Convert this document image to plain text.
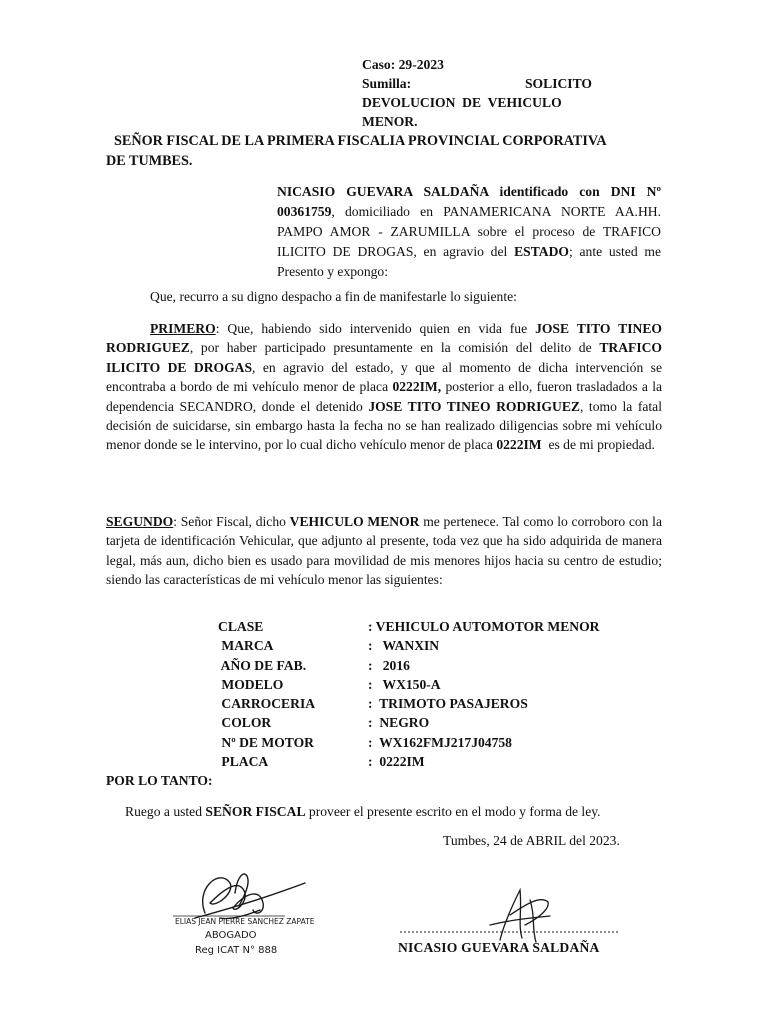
Caso: 29-2023
Sumilla:	SOLICITO
DEVOLUCION  DE  VEHICULO
MENOR.
SEÑOR FISCAL DE LA PRIMERA FISCALIA PROVINCIAL CORPORATIVA
DE TUMBES.
NICASIO GUEVARA SALDAÑA identificado con DNI Nº 00361759, domiciliado en PANAMERICANA NORTE AA.HH. PAMPO AMOR - ZARUMILLA sobre el proceso de TRAFICO ILICITO DE DROGAS, en agravio del ESTADO; ante usted me Presento y expongo:
Que, recurro a su digno despacho a fin de manifestarle lo siguiente:
PRIMERO: Que, habiendo sido intervenido quien en vida fue JOSE TITO TINEO RODRIGUEZ, por haber participado presuntamente en la comisión del delito de TRAFICO ILICITO DE DROGAS, en agravio del estado, y que al momento de dicha intervención se encontraba a bordo de mi vehículo menor de placa 0222IM, posterior a ello, fueron trasladados a la dependencia SECANDRO, donde el detenido JOSE TITO TINEO RODRIGUEZ, tomo la fatal decisión de suicidarse, sin embargo hasta la fecha no se han realizado diligencias sobre mi vehículo menor donde se le intervino, por lo cual dicho vehículo menor de placa 0222IM  es de mi propiedad.
SEGUNDO: Señor Fiscal, dicho VEHICULO MENOR me pertenece. Tal como lo corroboro con la tarjeta de identificación Vehicular, que adjunto al presente, toda vez que ha sido adquirida de manera legal, más aun, dicho bien es usado para movilidad de mis menores hijos hacia su centro de estudio; siendo las características de mi vehículo menor las siguientes:
CLASE	: VEHICULO AUTOMOTOR MENOR
MARCA	:   WANXIN
AÑO DE FAB.	:   2016
MODELO	:   WX150-A
CARROCERIA	:  TRIMOTO PASAJEROS
COLOR	:  NEGRO
Nº DE MOTOR	:  WX162FMJ217J04758
PLACA	:  0222IM
POR LO TANTO:
Ruego a usted SEÑOR FISCAL proveer el presente escrito en el modo y forma de ley.
Tumbes, 24 de ABRIL del 2023.
ELIAS JEAN PIERRE SANCHEZ ZAPATE
ABOGADO
Reg ICAT N° 888	NICASIO GUEVARA SALDAÑA
